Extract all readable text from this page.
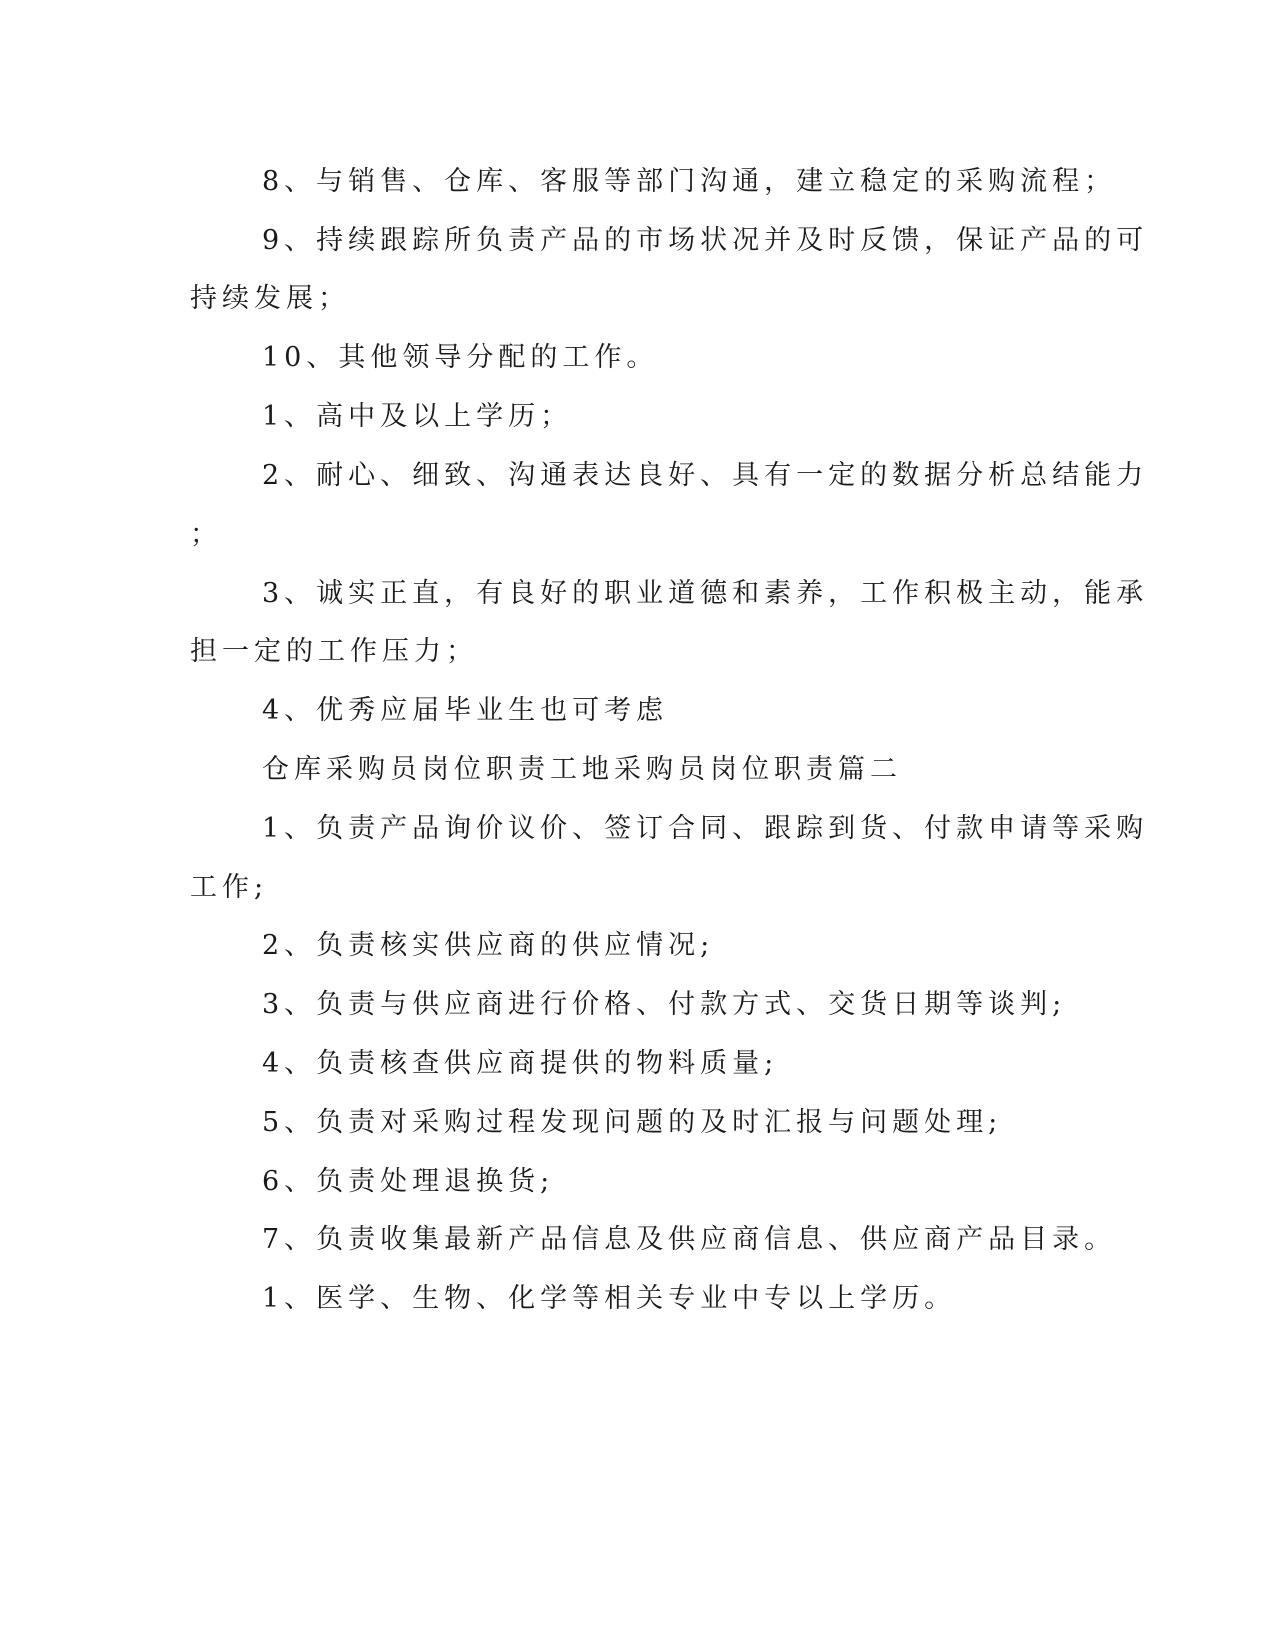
8、与销售、仓库、客服等部门沟通，建立稳定的采购流程；
9、持续跟踪所负责产品的市场状况并及时反馈，保证产品的可
持续发展；
10、其他领导分配的工作。
1、高中及以上学历；
2、耐心、细致、沟通表达良好、具有一定的数据分析总结能力
；
3、诚实正直，有良好的职业道德和素养，工作积极主动，能承
担一定的工作压力；
4、优秀应届毕业生也可考虑
仓库采购员岗位职责工地采购员岗位职责篇二
1、负责产品询价议价、签订合同、跟踪到货、付款申请等采购
工作;
2、负责核实供应商的供应情况;
3、负责与供应商进行价格、付款方式、交货日期等谈判;
4、负责核查供应商提供的物料质量;
5、负责对采购过程发现问题的及时汇报与问题处理;
6、负责处理退换货;
7、负责收集最新产品信息及供应商信息、供应商产品目录。
1、医学、生物、化学等相关专业中专以上学历。
